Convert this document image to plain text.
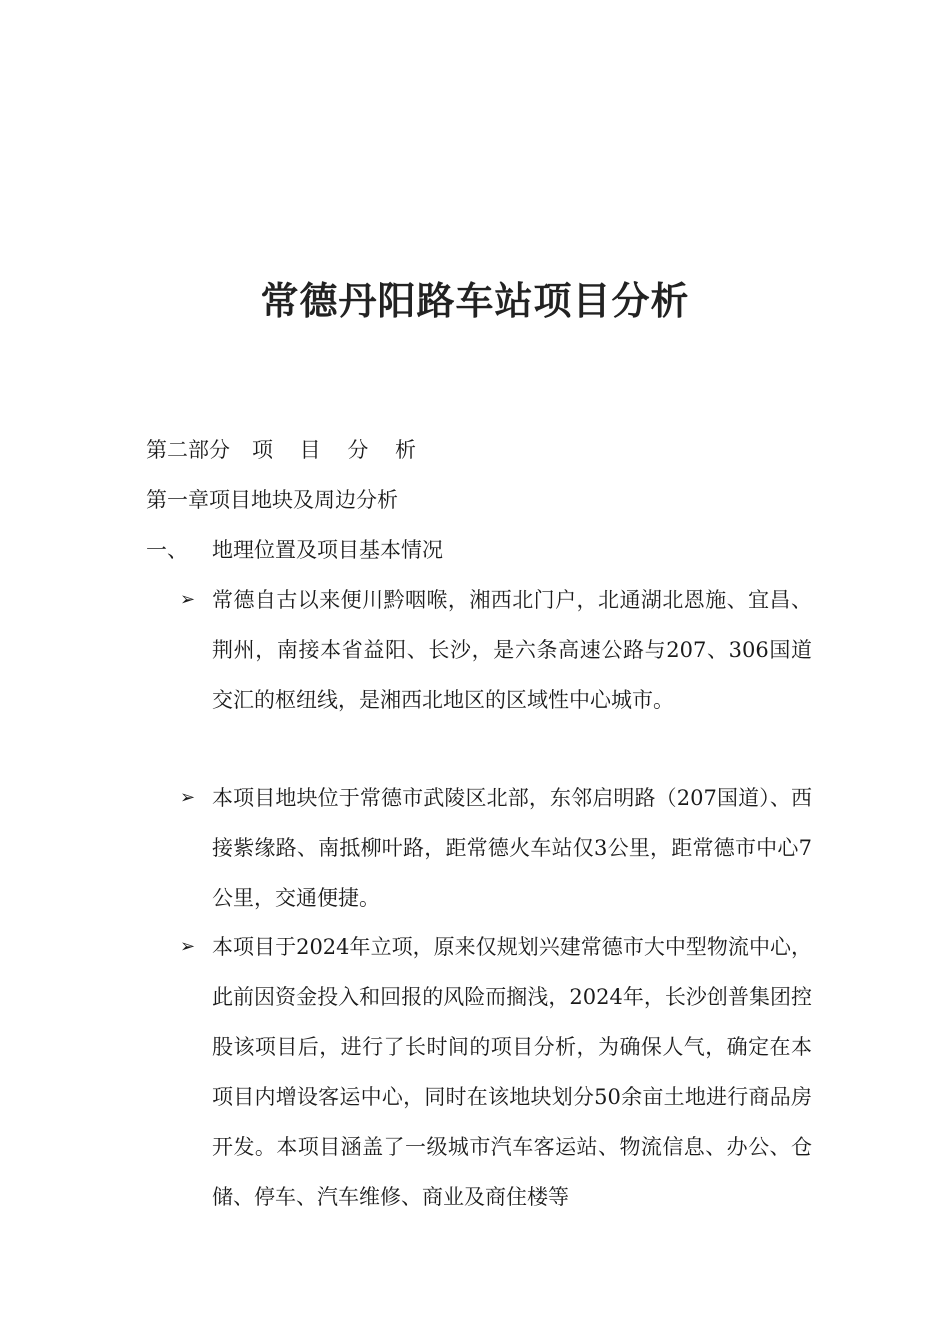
常德丹阳路车站项目分析
第二部分 项 目 分 析
第一章项目地块及周边分析
一、 地理位置及项目基本情况
➢ 常德自古以来便川黔咽喉，湘西北门户，北通湖北恩施、宜昌、荆州，南接本省益阳、长沙，是六条高速公路与207、306国道交汇的枢纽线，是湘西北地区的区域性中心城市。
➢ 本项目地块位于常德市武陵区北部，东邻启明路（207国道）、西接紫缘路、南抵柳叶路，距常德火车站仅3公里，距常德市中心7公里，交通便捷。
➢ 本项目于2024年立项，原来仅规划兴建常德市大中型物流中心，此前因资金投入和回报的风险而搁浅，2024年，长沙创普集团控股该项目后，进行了长时间的项目分析，为确保人气，确定在本项目内增设客运中心，同时在该地块划分50余亩土地进行商品房开发。本项目涵盖了一级城市汽车客运站、物流信息、办公、仓储、停车、汽车维修、商业及商住楼等
